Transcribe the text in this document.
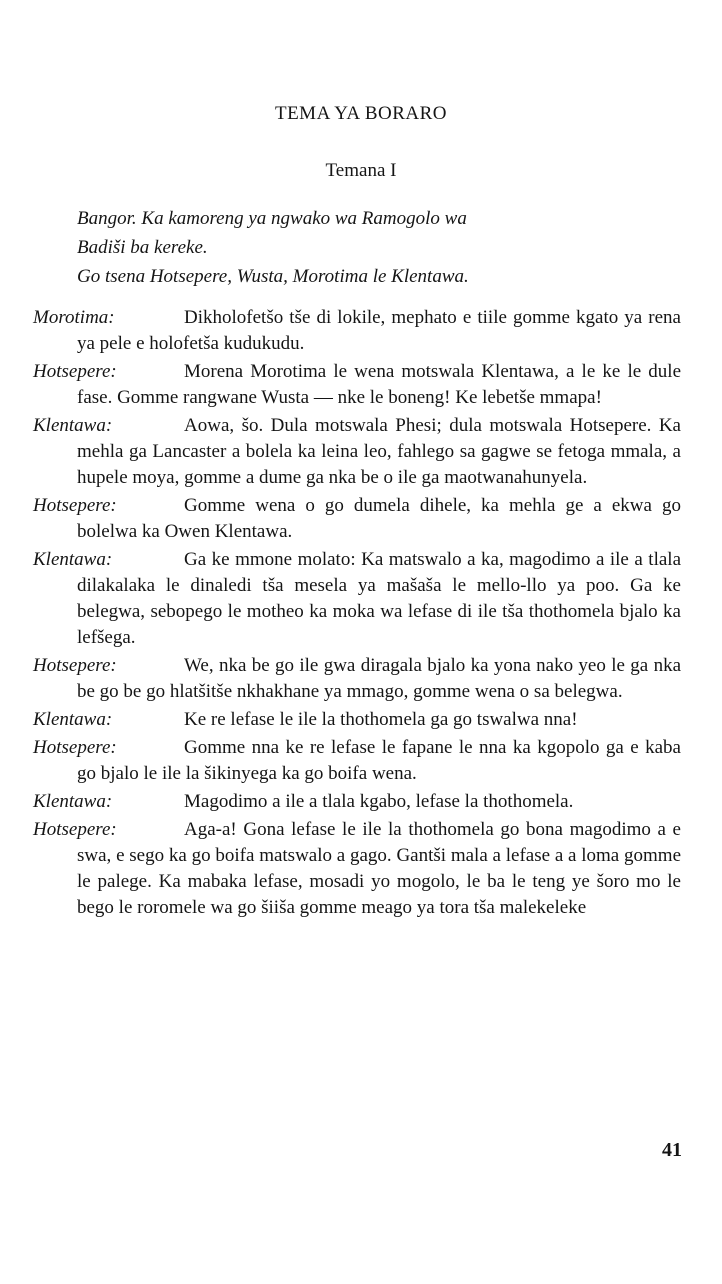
TEMA YA BORARO
Temana I
Bangor. Ka kamoreng ya ngwako wa Ramogolo wa
Badiši ba kereke.
Go tsena Hotsepere, Wusta, Morotima le Klentawa.
Morotima:	Dikholofetšo tše di lokile, mephato e tiile gomme kgato ya rena ya pele e holofetša kudukudu.
Hotsepere:	Morena Morotima le wena motswala Klentawa, a le ke le dule fase. Gomme rangwane Wusta — nke le boneng! Ke lebetše mmapa!
Klentawa:	Aowa, šo. Dula motswala Phesi; dula motswala Hotsepere. Ka mehla ga Lancaster a bolela ka leina leo, fahlego sa gagwe se fetoga mmala, a hupele moya, gomme a dume ga nka be o ile ga maotwanahunyela.
Hotsepere:	Gomme wena o go dumela dihele, ka mehla ge a ekwa go bolelwa ka Owen Klentawa.
Klentawa:	Ga ke mmone molato: Ka matswalo a ka, magodimo a ile a tlala dilakalaka le dinaledi tša mesela ya mašaša le mello-llo ya poo. Ga ke belegwa, sebopego le motheo ka moka wa lefase di ile tša thothomela bjalo ka lefšega.
Hotsepere:	We, nka be go ile gwa diragala bjalo ka yona nako yeo le ga nka be go be go hlatšitše nkhakhane ya mmago, gomme wena o sa belegwa.
Klentawa:	Ke re lefase le ile la thothomela ga go tswalwa nna!
Hotsepere:	Gomme nna ke re lefase le fapane le nna ka kgopolo ga e kaba go bjalo le ile la šikinyega ka go boifa wena.
Klentawa:	Magodimo a ile a tlala kgabo, lefase la thothomela.
Hotsepere:	Aga-a! Gona lefase le ile la thothomela go bona magodimo a e swa, e sego ka go boifa matswalo a gago. Gantši mala a lefase a a loma gomme le palege. Ka mabaka lefase, mosadi yo mogolo, le ba le teng ye šoro mo le bego le roromele wa go šiiša gomme meago ya tora tša malekeleke
41
